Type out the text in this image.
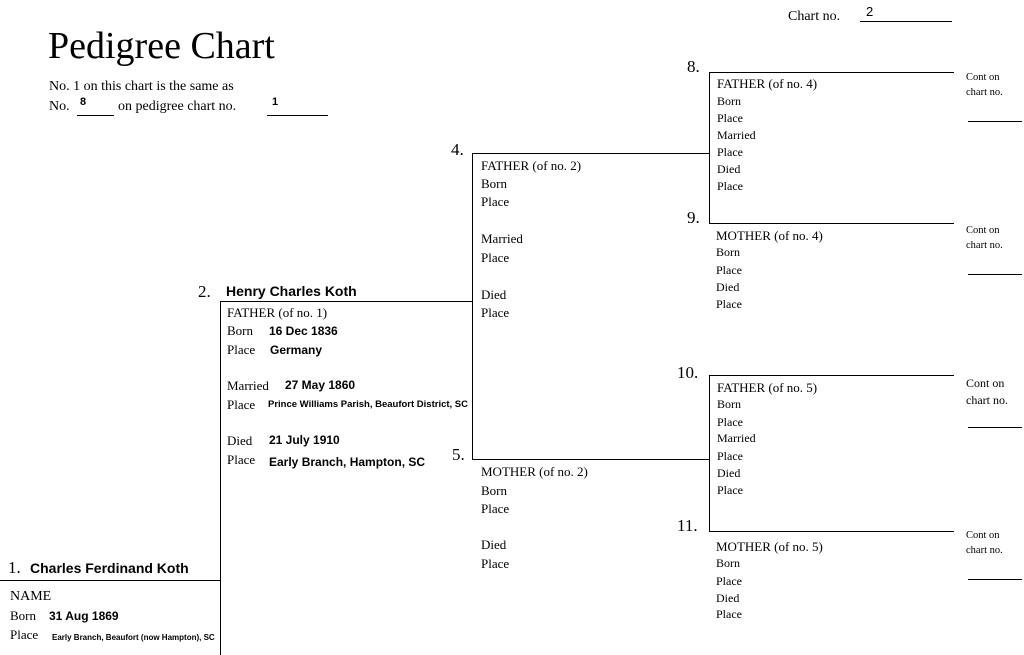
Pedigree Chart
Chart no. 2
No. 1 on this chart is the same as
No. 8 on pedigree chart no.	1
Cont on
chart no.
Cont on
chart no.
Cont on
chart no.
Cont on
chart no.
1. Charles Ferdinand Koth
NAME
Born 31 Aug 1869
Place Early Branch, Beaufort (now Hampton), SC
2. Henry Charles Koth
FATHER (of no. 1)
Born 16 Dec 1836
Place Germany
Married 27 May 1860
Place Prince Williams Parish, Beaufort District, SC
Died 21 July 1910
Place Early Branch, Hampton, SC
4.
FATHER (of no. 2)
Born
Place
Married
Place
Died
Place
5.
MOTHER (of no. 2)
Born
Place
Died
Place
8.
FATHER (of no. 4)
Born
Place
Married
Place
Died
Place
9.
MOTHER (of no. 4)
Born
Place
Died
Place
10.
FATHER (of no. 5)
Born
Place
Married
Place
Died
Place
11.
MOTHER (of no. 5)
Born
Place
Died
Place
